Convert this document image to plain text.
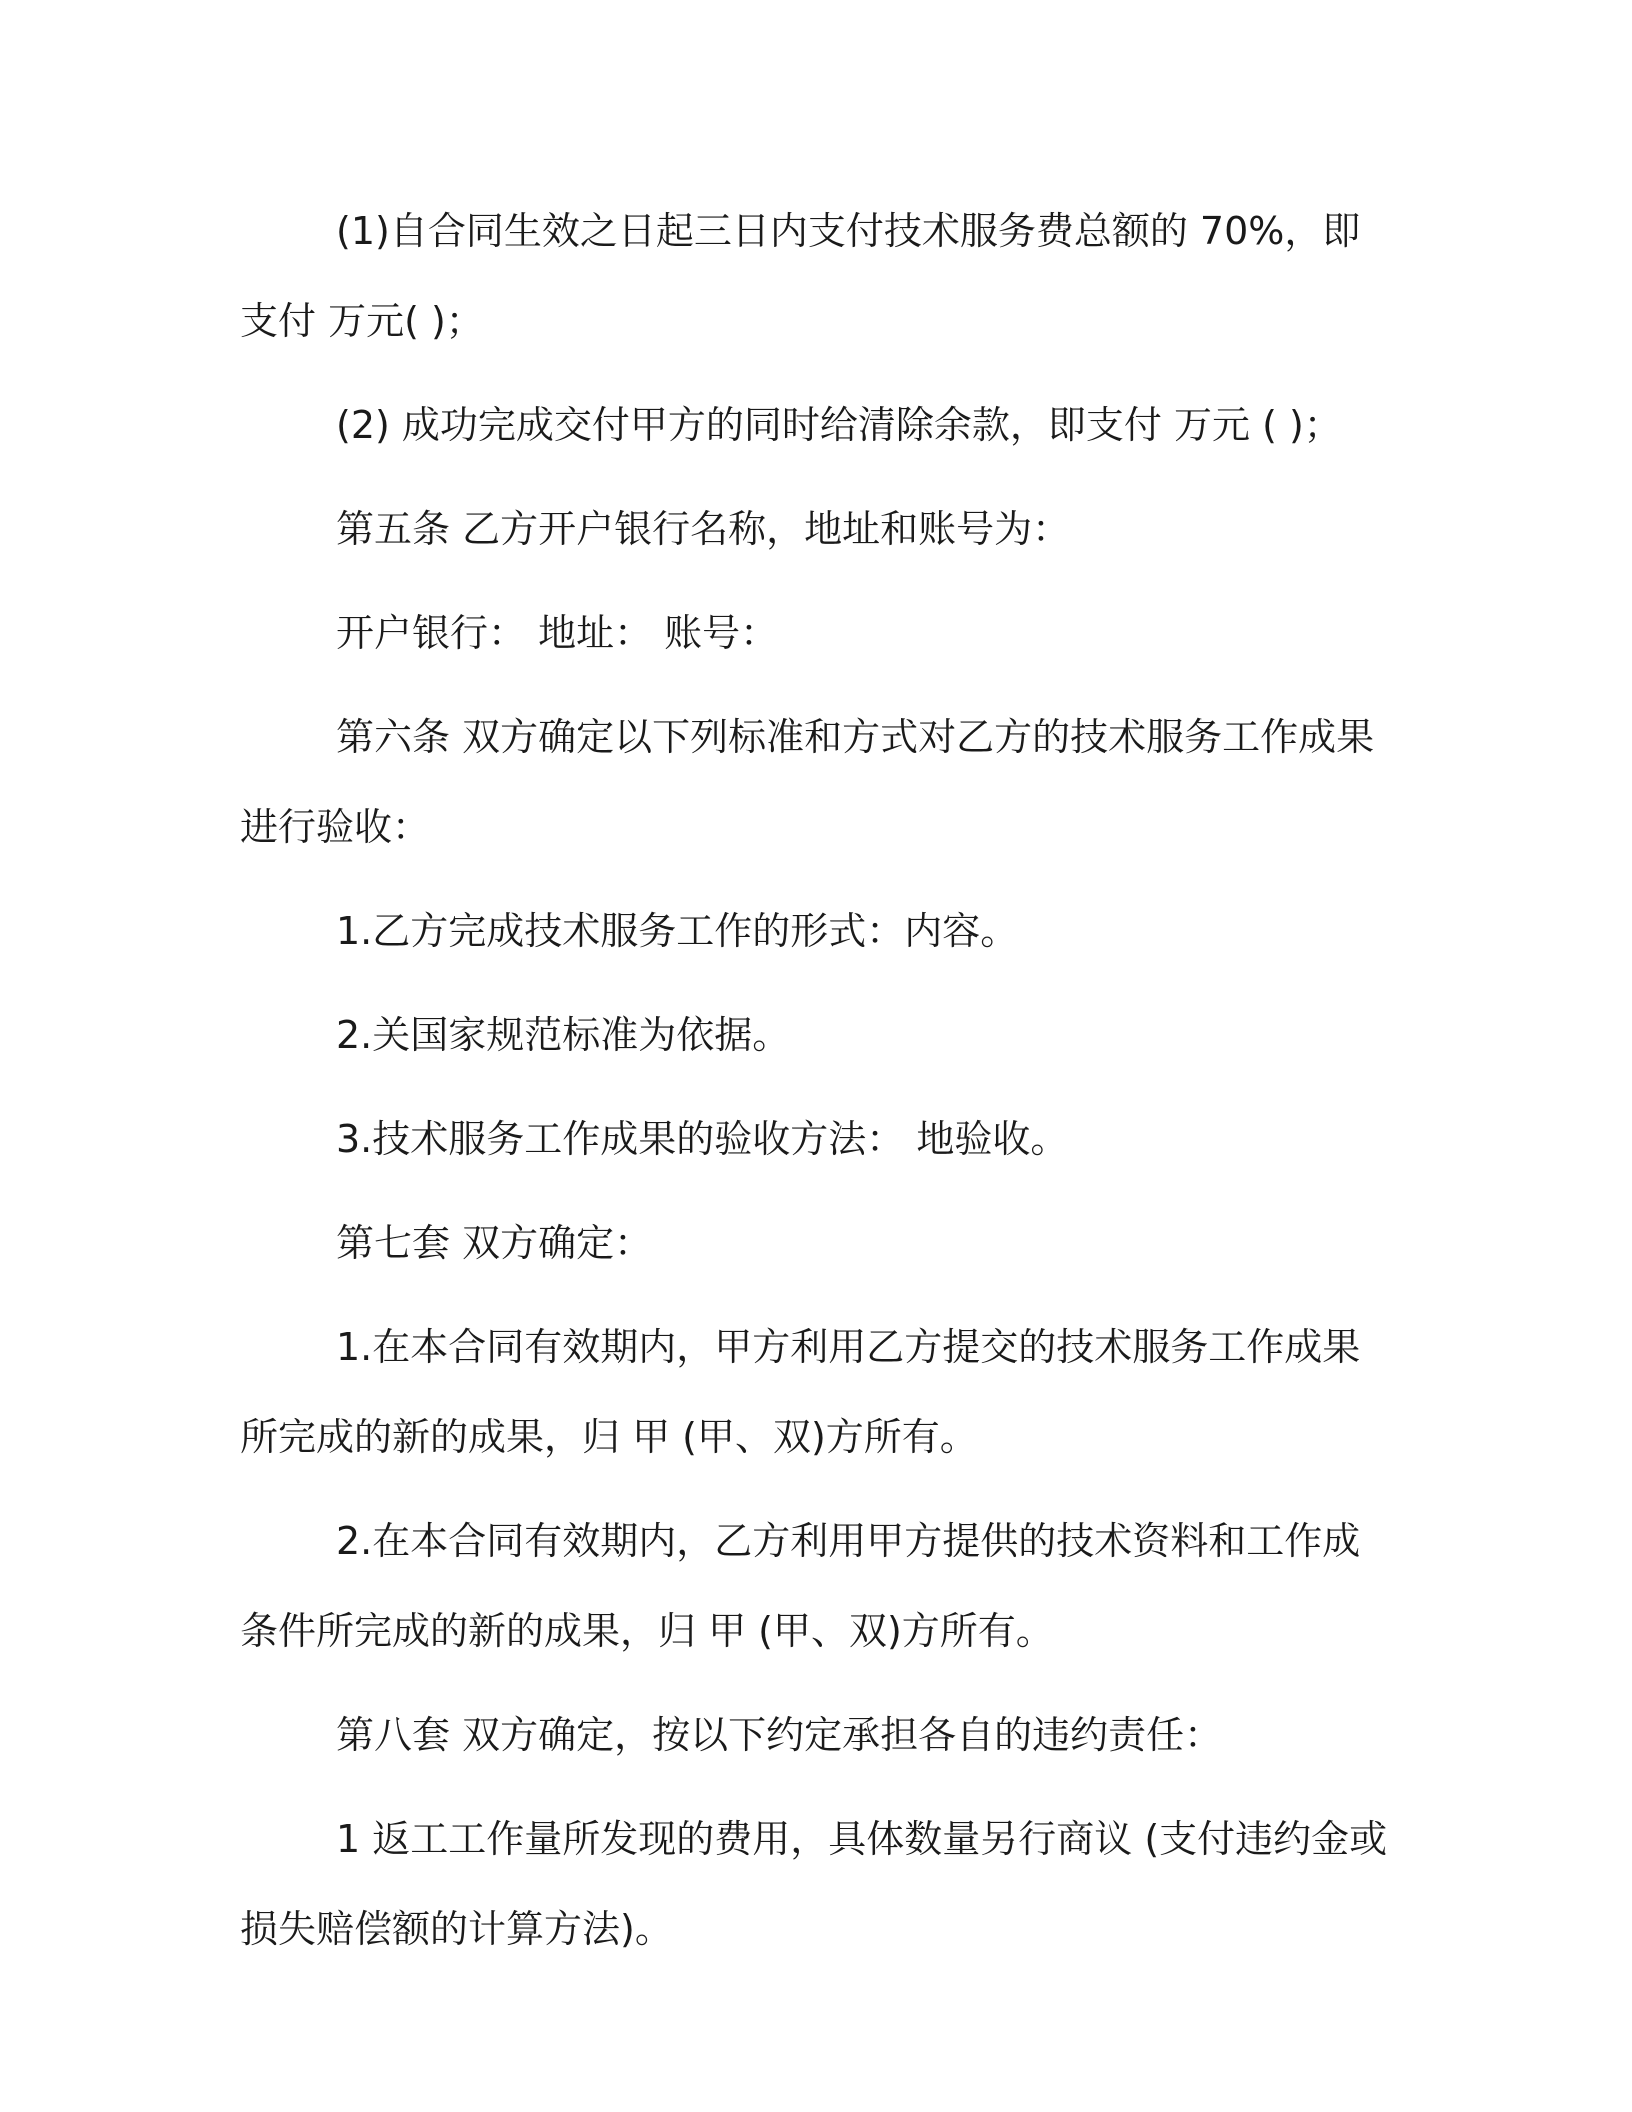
(1)自合同生效之日起三日内支付技术服务费总额的 70%，即支付 万元( )；

(2) 成功完成交付甲方的同时给清除余款，即支付 万元 ( )；

第五条 乙方开户银行名称，地址和账号为：

开户银行： 地址： 账号：

第六条 双方确定以下列标准和方式对乙方的技术服务工作成果进行验收：

1.乙方完成技术服务工作的形式：内容。

2.关国家规范标准为依据。

3.技术服务工作成果的验收方法： 地验收。

第七套 双方确定：

1.在本合同有效期内，甲方利用乙方提交的技术服务工作成果所完成的新的成果，归 甲 (甲、双)方所有。

2.在本合同有效期内，乙方利用甲方提供的技术资料和工作成条件所完成的新的成果，归 甲 (甲、双)方所有。

第八套 双方确定，按以下约定承担各自的违约责任：

1 返工工作量所发现的费用，具体数量另行商议 (支付违约金或损失赔偿额的计算方法)。
